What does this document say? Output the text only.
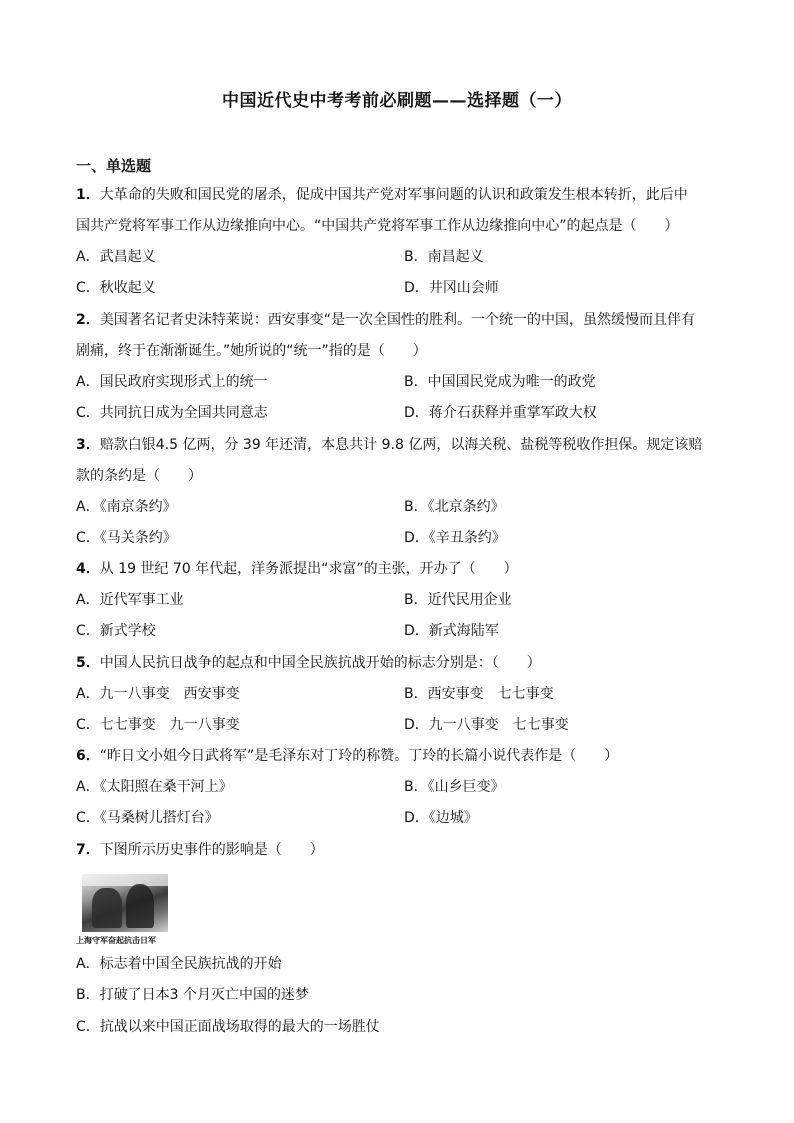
中国近代史中考考前必刷题——选择题（一）
一、单选题
1．大革命的失败和国民党的屠杀，促成中国共产党对军事问题的认识和政策发生根本转折，此后中
国共产党将军事工作从边缘推向中心。“中国共产党将军事工作从边缘推向中心”的起点是（　　）
A．武昌起义	B．南昌起义
C．秋收起义	D．井冈山会师
2．美国著名记者史沫特莱说：西安事变“是一次全国性的胜利。一个统一的中国，虽然缓慢而且伴有
剧痛，终于在渐渐诞生。”她所说的“统一”指的是（　　）
A．国民政府实现形式上的统一	B．中国国民党成为唯一的政党
C．共同抗日成为全国共同意志	D．蒋介石获释并重掌军政大权
3．赔款白银4.5 亿两，分 39 年还清，本息共计 9.8 亿两，以海关税、盐税等税收作担保。规定该赔
款的条约是（　　）
A．《南京条约》	B．《北京条约》
C．《马关条约》	D．《辛丑条约》
4．从 19 世纪 70 年代起，洋务派提出“求富”的主张，开办了（　　）
A．近代军事工业	B．近代民用企业
C．新式学校	D．新式海陆军
5．中国人民抗日战争的起点和中国全民族抗战开始的标志分别是：（　　）
A．九一八事变　西安事变	B．西安事变　七七事变
C．七七事变　九一八事变	D．九一八事变　七七事变
6．“昨日文小姐今日武将军”是毛泽东对丁玲的称赞。丁玲的长篇小说代表作是（　　）
A．《太阳照在桑干河上》	B．《山乡巨变》
C．《马桑树儿搭灯台》	D．《边城》
7．下图所示历史事件的影响是（　　）
上海守军奋起抗击日军
A．标志着中国全民族抗战的开始
B．打破了日本3 个月灭亡中国的迷梦
C．抗战以来中国正面战场取得的最大的一场胜仗
